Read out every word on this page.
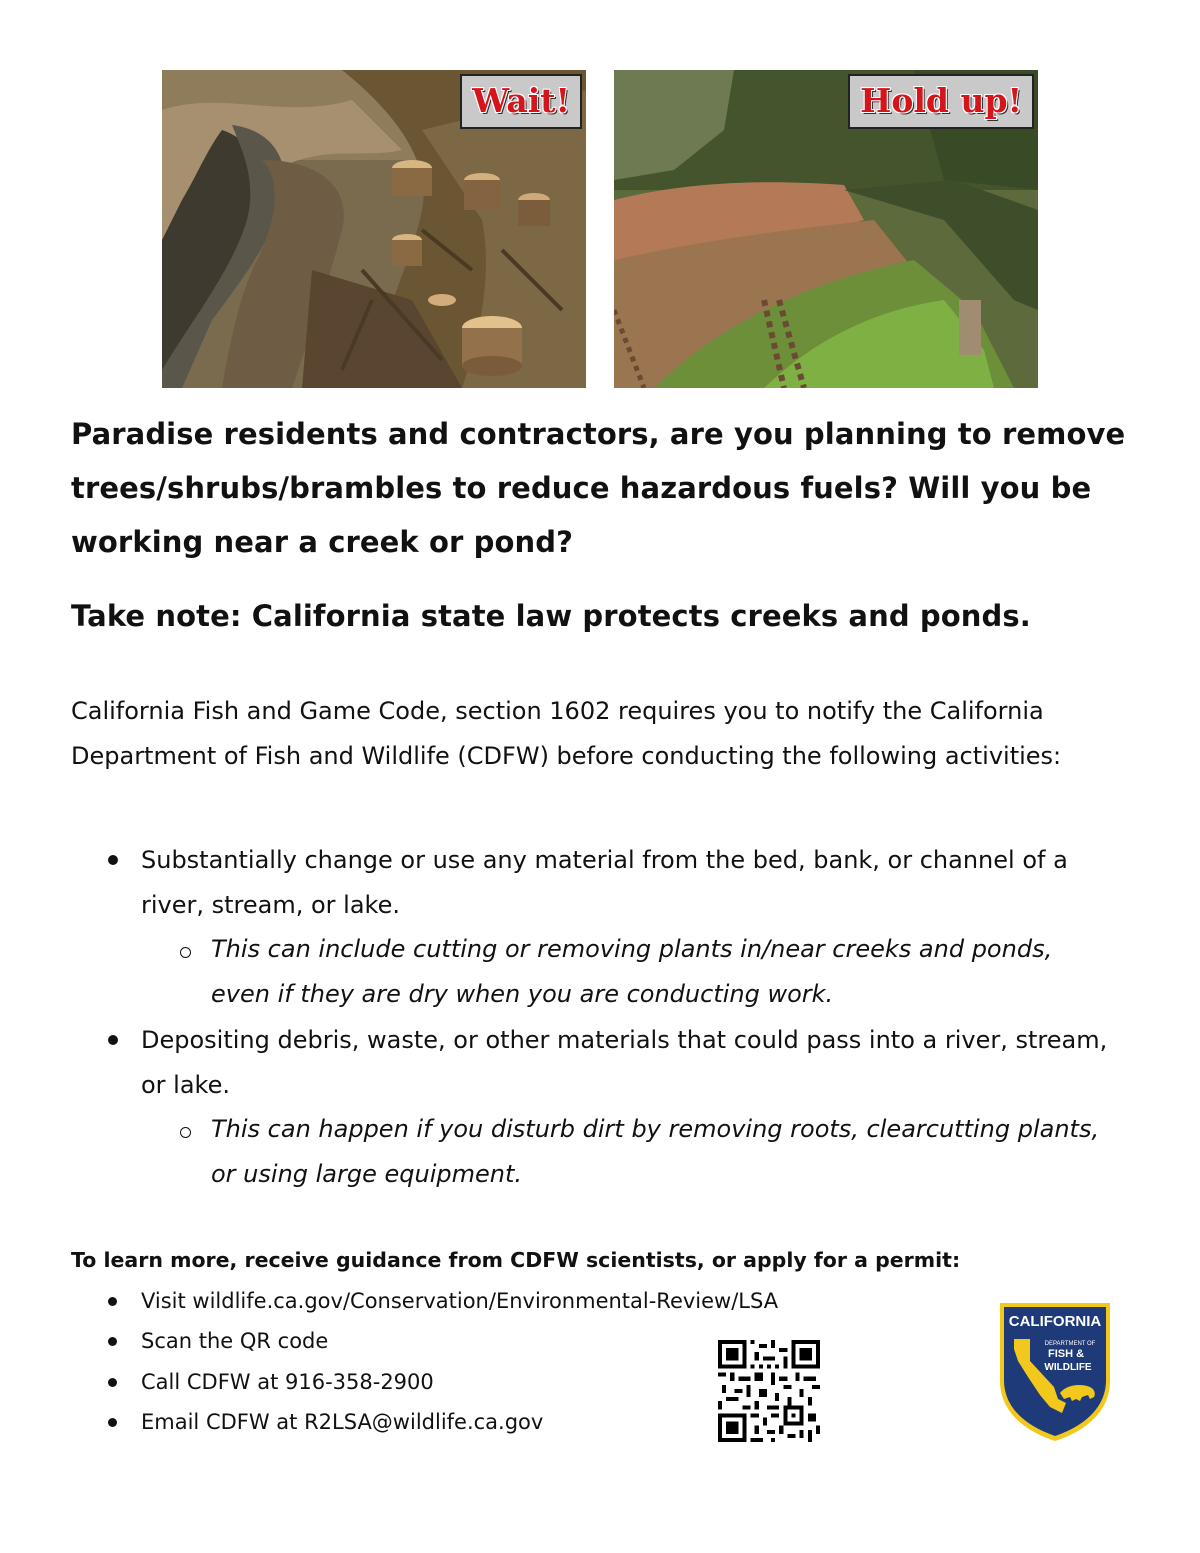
Wait!	Hold up!
Paradise residents and contractors, are you planning to remove trees/shrubs/brambles to reduce hazardous fuels? Will you be working near a creek or pond?
Take note: California state law protects creeks and ponds.
California Fish and Game Code, section 1602 requires you to notify the California Department of Fish and Wildlife (CDFW) before conducting the following activities:
Substantially change or use any material from the bed, bank, or channel of a river, stream, or lake.
This can include cutting or removing plants in/near creeks and ponds, even if they are dry when you are conducting work.
Depositing debris, waste, or other materials that could pass into a river, stream, or lake.
This can happen if you disturb dirt by removing roots, clearcutting plants, or using large equipment.
To learn more, receive guidance from CDFW scientists, or apply for a permit:
Visit wildlife.ca.gov/Conservation/Environmental-Review/LSA
Scan the QR code
Call CDFW at 916-358-2900
Email CDFW at R2LSA@wildlife.ca.gov
CALIFORNIA
DEPARTMENT OF
FISH &
WILDLIFE
